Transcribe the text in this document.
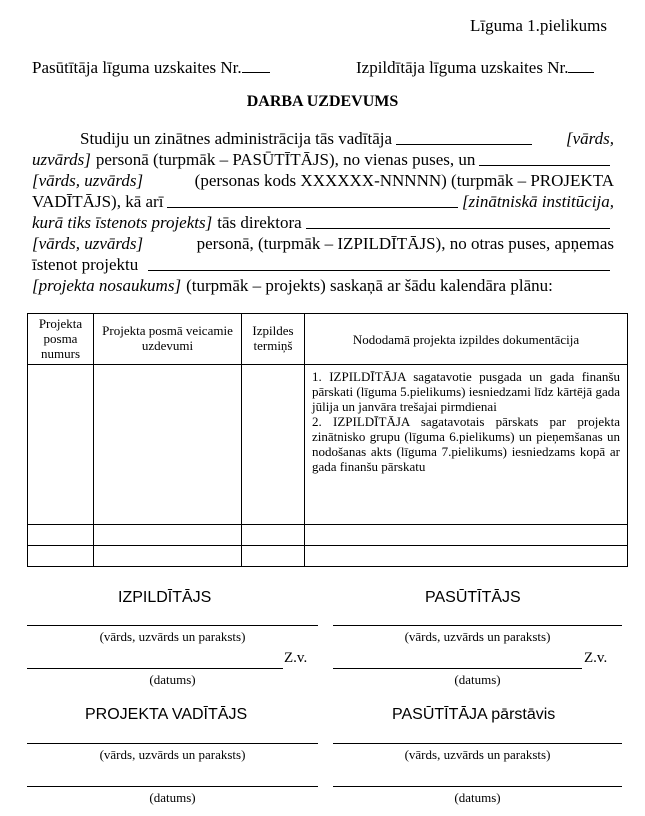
Līguma 1.pielikums
Pasūtītāja līguma uzskaites Nr.	Izpildītāja līguma uzskaites Nr.
DARBA UZDEVUMS
Studiju un zinātnes administrācija tās vadītāja	[vārds,
uzvārds] personā (turpmāk – PASŪTĪTĀJS), no vienas puses, un
[vārds, uzvārds]	(personas kods XXXXXX-NNNNN) (turpmāk – PROJEKTA
VADĪTĀJS), kā arī	[zinātniskā institūcija,
kurā tiks īstenots projekts] tās direktora
[vārds, uzvārds]	personā, (turpmāk – IZPILDĪTĀJS), no otras puses, apņemas
īstenot projektu
[projekta nosaukums] (turpmāk – projekts) saskaņā ar šādu kalendāra plānu:
Projekta posma numurs	Projekta posmā veicamie uzdevumi	Izpildes termiņš	Nododamā projekta izpildes dokumentācija

			1. IZPILDĪTĀJA sagatavotie pusgada un gada finanšu pārskati (līguma 5.pielikums) iesniedzami līdz kārtējā gada jūlija un janvāra trešajai pirmdienai
2. IZPILDĪTĀJA sagatavotais pārskats par projekta zinātnisko grupu (līguma 6.pielikums) un pieņemšanas un nodošanas akts (līguma 7.pielikums) iesniedzams kopā ar gada finanšu pārskatu

IZPILDĪTĀJS	PASŪTĪTĀJS
(vārds, uzvārds un paraksts)	(vārds, uzvārds un paraksts)
Z.v.	Z.v.
(datums)	(datums)
PROJEKTA VADĪTĀJS	PASŪTĪTĀJA pārstāvis
(vārds, uzvārds un paraksts)	(vārds, uzvārds un paraksts)
(datums)	(datums)
